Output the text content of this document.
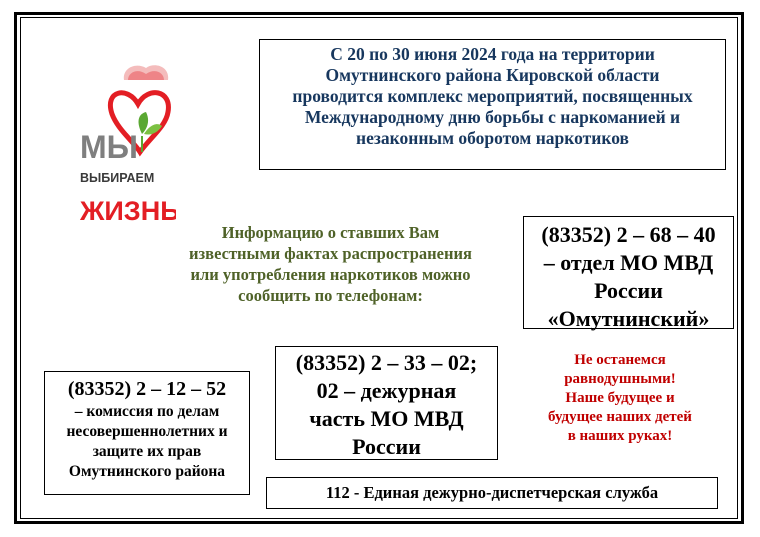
МЫ
ВЫБИРАЕМ
ЖИЗНЬ
С 20 по 30 июня 2024 года на территории
Омутнинского района Кировской области
проводится комплекс мероприятий, посвященных
Международному дню борьбы с наркоманией и
незаконным оборотом наркотиков
Информацию о ставших Вам
известными фактах распространения
или употребления наркотиков можно
сообщить по телефонам:
(83352) 2 – 68 – 40
– отдел МО МВД
России
«Омутнинский»
(83352) 2 – 33 – 02;
02 – дежурная
часть МО МВД
России
(83352) 2 – 12 – 52
– комиссия по делам
несовершеннолетних и
защите их прав
Омутнинского района
Не останемся
равнодушными!
Наше будущее и
будущее наших детей
в наших руках!
112 - Единая дежурно-диспетчерская служба
